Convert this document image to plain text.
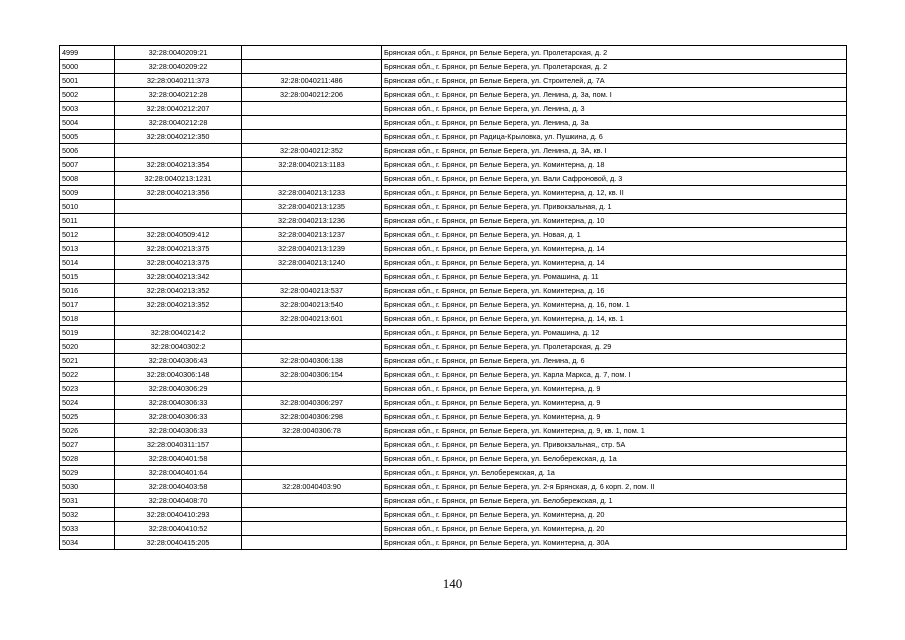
4999	32:28:0040209:21		Брянская обл., г. Брянск, рп Белые Берега, ул. Пролетарская, д. 2
5000	32:28:0040209:22		Брянская обл., г. Брянск, рп Белые Берега, ул. Пролетарская, д. 2
5001	32:28:0040211:373	32:28:0040211:486	Брянская обл., г. Брянск, рп Белые Берега, ул. Строителей, д. 7А
5002	32:28:0040212:28	32:28:0040212:206	Брянская обл., г. Брянск, рп Белые Берега, ул. Ленина, д. 3а, пом. I
5003	32:28:0040212:207		Брянская обл., г. Брянск, рп Белые Берега, ул. Ленина, д. 3
5004	32:28:0040212:28		Брянская обл., г. Брянск, рп Белые Берега, ул. Ленина, д. 3а
5005	32:28:0040212:350		Брянская обл., г. Брянск, рп Радица-Крыловка, ул. Пушкина, д. 6
5006		32:28:0040212:352	Брянская обл., г. Брянск, рп Белые Берега, ул. Ленина, д. 3А, кв. I
5007	32:28:0040213:354	32:28:0040213:1183	Брянская обл., г. Брянск, рп Белые Берега, ул. Коминтерна, д. 18
5008	32:28:0040213:1231		Брянская обл., г. Брянск, рп Белые Берега, ул. Вали Сафроновой, д. 3
5009	32:28:0040213:356	32:28:0040213:1233	Брянская обл., г. Брянск, рп Белые Берега, ул. Коминтерна, д. 12, кв. II
5010		32:28:0040213:1235	Брянская обл., г. Брянск, рп Белые Берега, ул. Привокзальная, д. 1
5011		32:28:0040213:1236	Брянская обл., г. Брянск, рп Белые Берега, ул. Коминтерна, д. 10
5012	32:28:0040509:412	32:28:0040213:1237	Брянская обл., г. Брянск, рп Белые Берега, ул. Новая, д. 1
5013	32:28:0040213:375	32:28:0040213:1239	Брянская обл., г. Брянск, рп Белые Берега, ул. Коминтерна, д. 14
5014	32:28:0040213:375	32:28:0040213:1240	Брянская обл., г. Брянск, рп Белые Берега, ул. Коминтерна, д. 14
5015	32:28:0040213:342		Брянская обл., г. Брянск, рп Белые Берега, ул. Ромашина, д. 11
5016	32:28:0040213:352	32:28:0040213:537	Брянская обл., г. Брянск, рп Белые Берега, ул. Коминтерна, д. 16
5017	32:28:0040213:352	32:28:0040213:540	Брянская обл., г. Брянск, рп Белые Берега, ул. Коминтерна, д. 16, пом. 1
5018		32:28:0040213:601	Брянская обл., г. Брянск, рп Белые Берега, ул. Коминтерна, д. 14, кв. 1
5019	32:28:0040214:2		Брянская обл., г. Брянск, рп Белые Берега, ул. Ромашина, д. 12
5020	32:28:0040302:2		Брянская обл., г. Брянск, рп Белые Берега, ул. Пролетарская, д. 29
5021	32:28:0040306:43	32:28:0040306:138	Брянская обл., г. Брянск, рп Белые Берега, ул. Ленина, д. 6
5022	32:28:0040306:148	32:28:0040306:154	Брянская обл., г. Брянск, рп Белые Берега, ул. Карла Маркса, д. 7, пом. I
5023	32:28:0040306:29		Брянская обл., г. Брянск, рп Белые Берега, ул. Коминтерна, д. 9
5024	32:28:0040306:33	32:28:0040306:297	Брянская обл., г. Брянск, рп Белые Берега, ул. Коминтерна, д. 9
5025	32:28:0040306:33	32:28:0040306:298	Брянская обл., г. Брянск, рп Белые Берега, ул. Коминтерна, д. 9
5026	32:28:0040306:33	32:28:0040306:78	Брянская обл., г. Брянск, рп Белые Берега, ул. Коминтерна, д. 9, кв. 1, пом. 1
5027	32:28:0040311:157		Брянская обл., г. Брянск, рп Белые Берега, ул. Привокзальная,, стр. 5А
5028	32:28:0040401:58		Брянская обл., г. Брянск, рп Белые Берега, ул. Белобережская, д. 1а
5029	32:28:0040401:64		Брянская обл., г. Брянск, ул. Белобережская, д. 1а
5030	32:28:0040403:58	32:28:0040403:90	Брянская обл., г. Брянск, рп Белые Берега, ул. 2-я Брянская, д. 6 корп. 2, пом. II
5031	32:28:0040408:70		Брянская обл., г. Брянск, рп Белые Берега, ул. Белобережская, д. 1
5032	32:28:0040410:293		Брянская обл., г. Брянск, рп Белые Берега, ул. Коминтерна, д. 20
5033	32:28:0040410:52		Брянская обл., г. Брянск, рп Белые Берега, ул. Коминтерна, д. 20
5034	32:28:0040415:205		Брянская обл., г. Брянск, рп Белые Берега, ул. Коминтерна, д. 30А
140
